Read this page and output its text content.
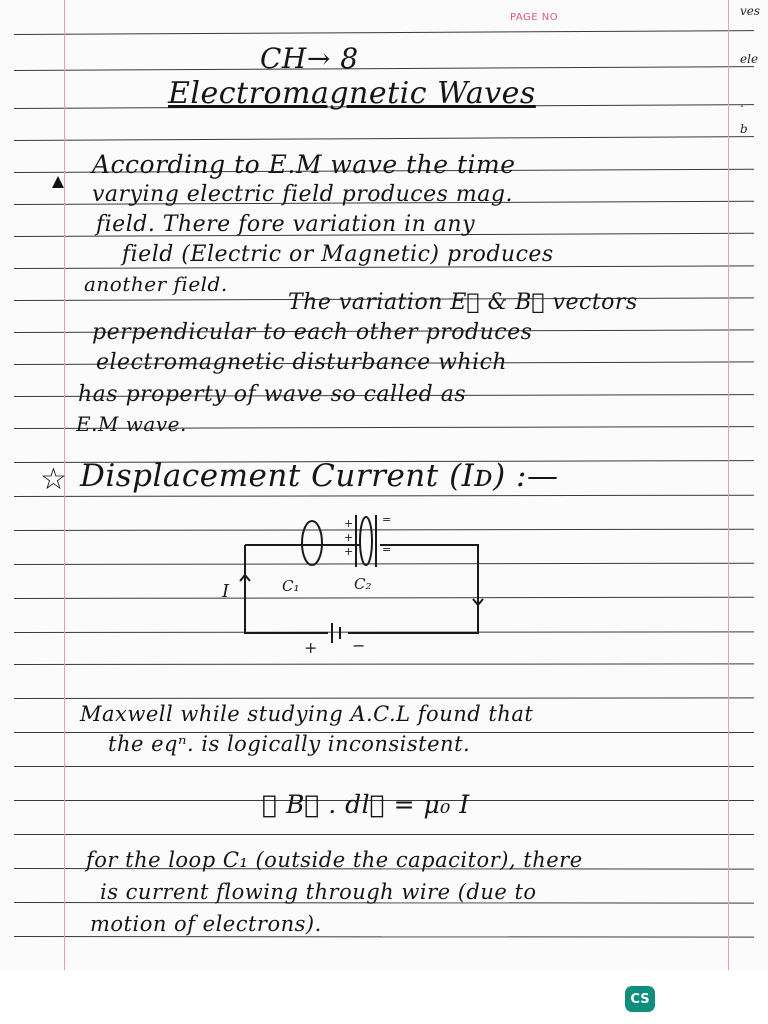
PAGE NO	ves
ele
.
b
CH→ 8
Electromagnetic Waves
According to E.M wave the time
varying electric field produces mag.
field. There fore variation in any
field (Electric or Magnetic) produces
another field.
The variation E⃗ & B⃗ vectors
perpendicular to each other produces
electromagnetic disturbance which
has property of wave so called as
E.M wave.
☆ Displacement Current (Iᴅ) :—
+
+
+
=
=
I	C₁	C₂
+ −
Maxwell while studying A.C.L found that
the eqⁿ. is logically inconsistent.
∮ B⃗ . dl⃗ = μ₀ I
for the loop C₁ (outside the capacitor), there
is current flowing through wire (due to
motion of electrons).
CS
